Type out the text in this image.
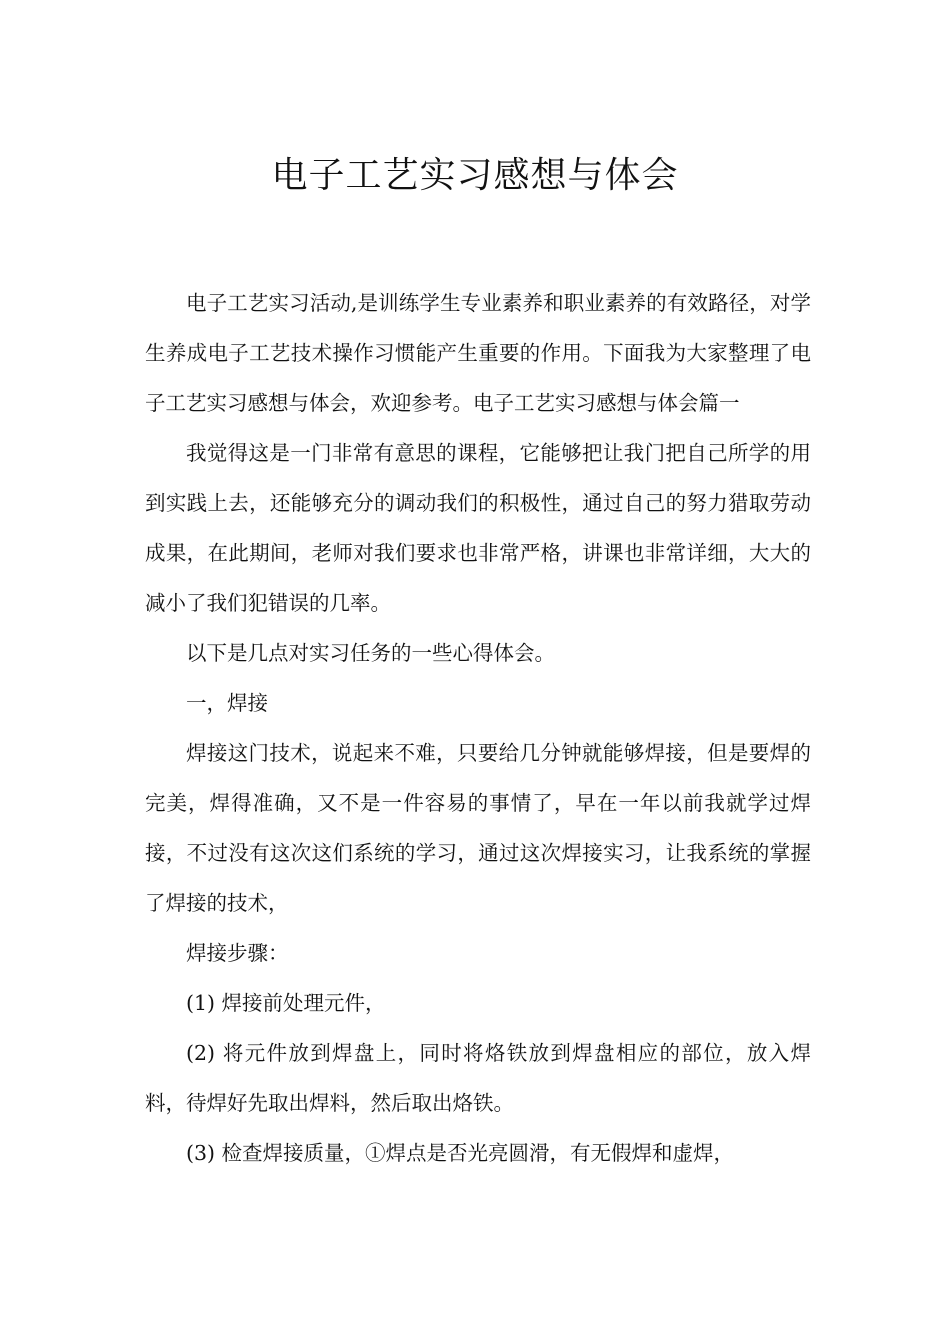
电子工艺实习感想与体会

电子工艺实习活动,是训练学生专业素养和职业素养的有效路径，对学生养成电子工艺技术操作习惯能产生重要的作用。下面我为大家整理了电子工艺实习感想与体会，欢迎参考。电子工艺实习感想与体会篇一

我觉得这是一门非常有意思的课程，它能够把让我门把自己所学的用到实践上去，还能够充分的调动我们的积极性，通过自己的努力猎取劳动成果，在此期间，老师对我们要求也非常严格，讲课也非常详细，大大的减小了我们犯错误的几率。

以下是几点对实习任务的一些心得体会。

一，焊接

焊接这门技术，说起来不难，只要给几分钟就能够焊接，但是要焊的完美，焊得准确，又不是一件容易的事情了，早在一年以前我就学过焊接，不过没有这次这们系统的学习，通过这次焊接实习，让我系统的掌握了焊接的技术，

焊接步骤：

(1) 焊接前处理元件，

(2) 将元件放到焊盘上，同时将烙铁放到焊盘相应的部位，放入焊料，待焊好先取出焊料，然后取出烙铁。

(3) 检查焊接质量，①焊点是否光亮圆滑，有无假焊和虚焊，
